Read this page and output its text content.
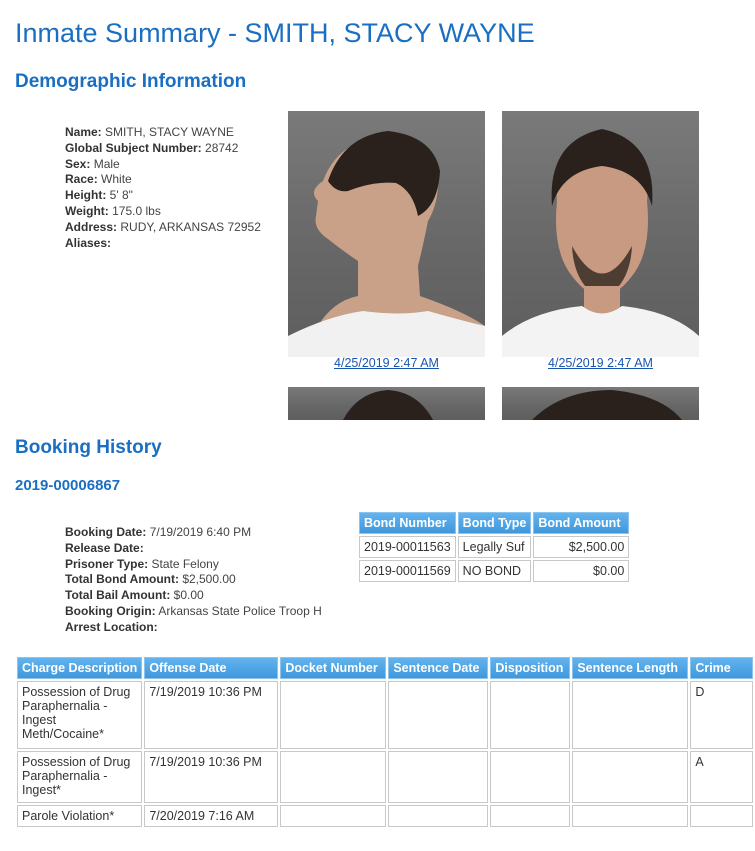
Inmate Summary - SMITH, STACY WAYNE
Demographic Information
Name: SMITH, STACY WAYNE
Global Subject Number: 28742
Sex: Male
Race: White
Height: 5' 8"
Weight: 175.0 lbs
Address: RUDY, ARKANSAS 72952
Aliases:
4/25/2019 2:47 AM	4/25/2019 2:47 AM
Booking History
2019-00006867
Booking Date: 7/19/2019 6:40 PM
Release Date:
Prisoner Type: State Felony
Total Bond Amount: $2,500.00
Total Bail Amount: $0.00
Booking Origin: Arkansas State Police Troop H
Arrest Location:
Bond Number	Bond Type	Bond Amount
2019-00011563	Legally Suf	$2,500.00
2019-00011569	NO BOND	$0.00
Charge Description	Offense Date	Docket Number	Sentence Date	Disposition	Sentence Length	Crime
Possession of Drug Paraphernalia - Ingest Meth/Cocaine*	7/19/2019 10:36 PM					D
Possession of Drug Paraphernalia - Ingest*	7/19/2019 10:36 PM					A
Parole Violation*	7/20/2019 7:16 AM					
